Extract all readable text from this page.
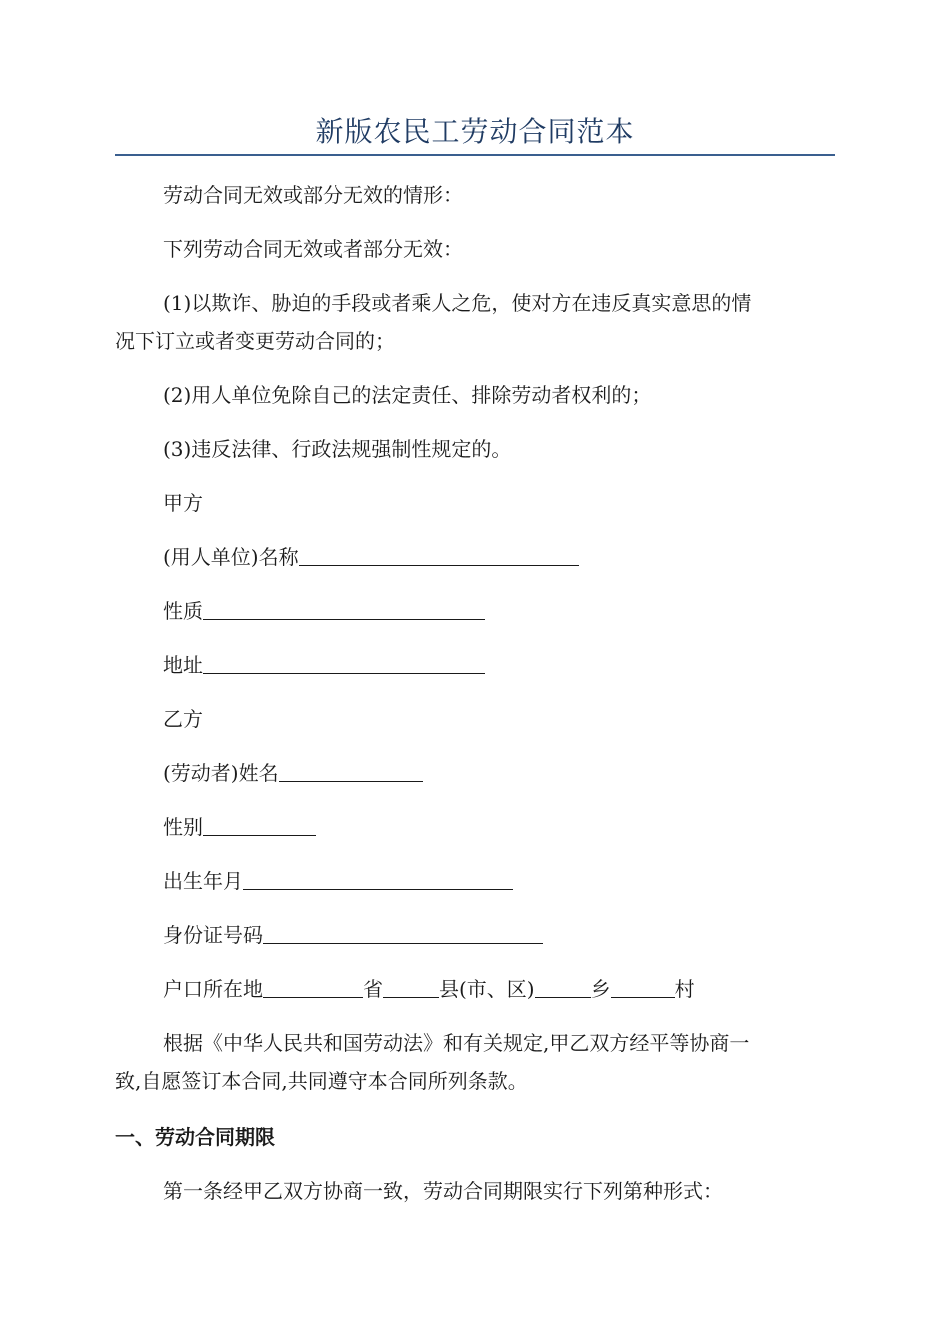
新版农民工劳动合同范本
劳动合同无效或部分无效的情形：
下列劳动合同无效或者部分无效：
(1)以欺诈、胁迫的手段或者乘人之危，使对方在违反真实意思的情
况下订立或者变更劳动合同的；
(2)用人单位免除自己的法定责任、排除劳动者权利的；
(3)违反法律、行政法规强制性规定的。
甲方
(用人单位)名称
性质
地址
乙方
(劳动者)姓名
性别
出生年月
身份证号码
户口所在地	省	县(市、区)	乡	村
根据《中华人民共和国劳动法》和有关规定,甲乙双方经平等协商一
致,自愿签订本合同,共同遵守本合同所列条款。
一、劳动合同期限
第一条经甲乙双方协商一致，劳动合同期限实行下列第种形式：
